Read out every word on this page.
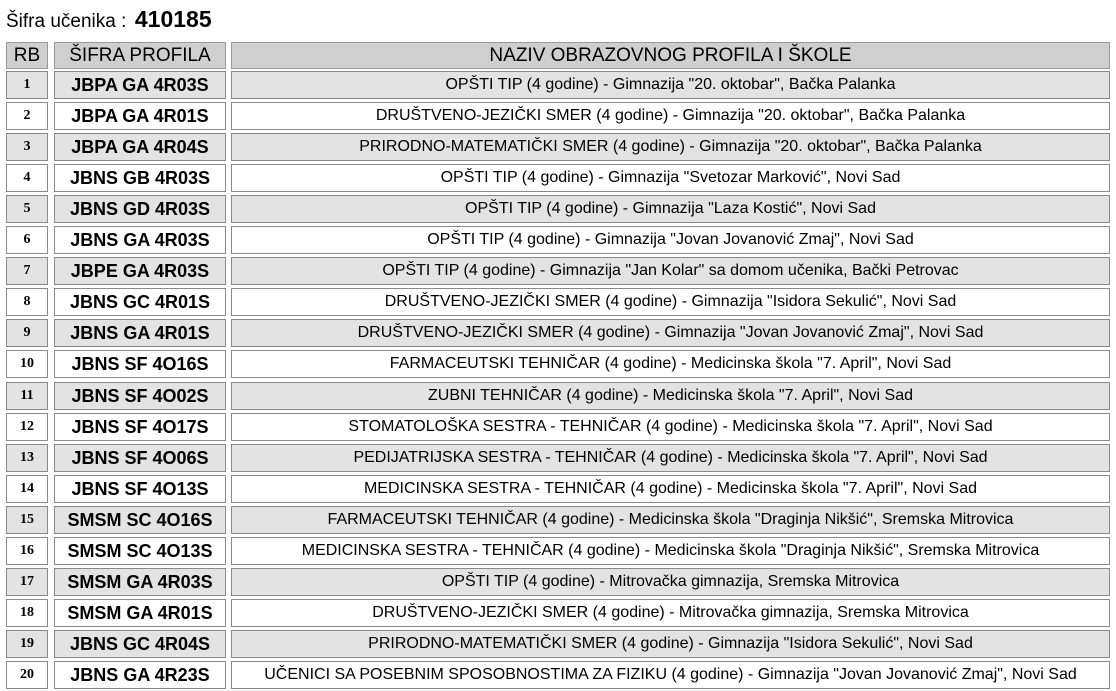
Šifra učenika : 410185
RB	ŠIFRA PROFILA	NAZIV OBRAZOVNOG PROFILA I ŠKOLE
1	JBPA GA 4R03S	OPŠTI TIP (4 godine) - Gimnazija "20. oktobar", Bačka Palanka
2	JBPA GA 4R01S	DRUŠTVENO-JEZIČKI SMER (4 godine) - Gimnazija "20. oktobar", Bačka Palanka
3	JBPA GA 4R04S	PRIRODNO-MATEMATIČKI SMER (4 godine) - Gimnazija "20. oktobar", Bačka Palanka
4	JBNS GB 4R03S	OPŠTI TIP (4 godine) - Gimnazija "Svetozar Marković", Novi Sad
5	JBNS GD 4R03S	OPŠTI TIP (4 godine) - Gimnazija "Laza Kostić", Novi Sad
6	JBNS GA 4R03S	OPŠTI TIP (4 godine) - Gimnazija "Jovan Jovanović Zmaj", Novi Sad
7	JBPE GA 4R03S	OPŠTI TIP (4 godine) - Gimnazija "Jan Kolar" sa domom učenika, Bački Petrovac
8	JBNS GC 4R01S	DRUŠTVENO-JEZIČKI SMER (4 godine) - Gimnazija "Isidora Sekulić", Novi Sad
9	JBNS GA 4R01S	DRUŠTVENO-JEZIČKI SMER (4 godine) - Gimnazija "Jovan Jovanović Zmaj", Novi Sad
10	JBNS SF 4O16S	FARMACEUTSKI TEHNIČAR (4 godine) - Medicinska škola "7. April", Novi Sad
11	JBNS SF 4O02S	ZUBNI TEHNIČAR (4 godine) - Medicinska škola "7. April", Novi Sad
12	JBNS SF 4O17S	STOMATOLOŠKA SESTRA - TEHNIČAR (4 godine) - Medicinska škola "7. April", Novi Sad
13	JBNS SF 4O06S	PEDIJATRIJSKA SESTRA - TEHNIČAR (4 godine) - Medicinska škola "7. April", Novi Sad
14	JBNS SF 4O13S	MEDICINSKA SESTRA - TEHNIČAR (4 godine) - Medicinska škola "7. April", Novi Sad
15	SMSM SC 4O16S	FARMACEUTSKI TEHNIČAR (4 godine) - Medicinska škola "Draginja Nikšić", Sremska Mitrovica
16	SMSM SC 4O13S	MEDICINSKA SESTRA - TEHNIČAR (4 godine) - Medicinska škola "Draginja Nikšić", Sremska Mitrovica
17	SMSM GA 4R03S	OPŠTI TIP (4 godine) - Mitrovačka gimnazija, Sremska Mitrovica
18	SMSM GA 4R01S	DRUŠTVENO-JEZIČKI SMER (4 godine) - Mitrovačka gimnazija, Sremska Mitrovica
19	JBNS GC 4R04S	PRIRODNO-MATEMATIČKI SMER (4 godine) - Gimnazija "Isidora Sekulić", Novi Sad
20	JBNS GA 4R23S	UČENICI SA POSEBNIM SPOSOBNOSTIMA ZA FIZIKU (4 godine) - Gimnazija "Jovan Jovanović Zmaj", Novi Sad
